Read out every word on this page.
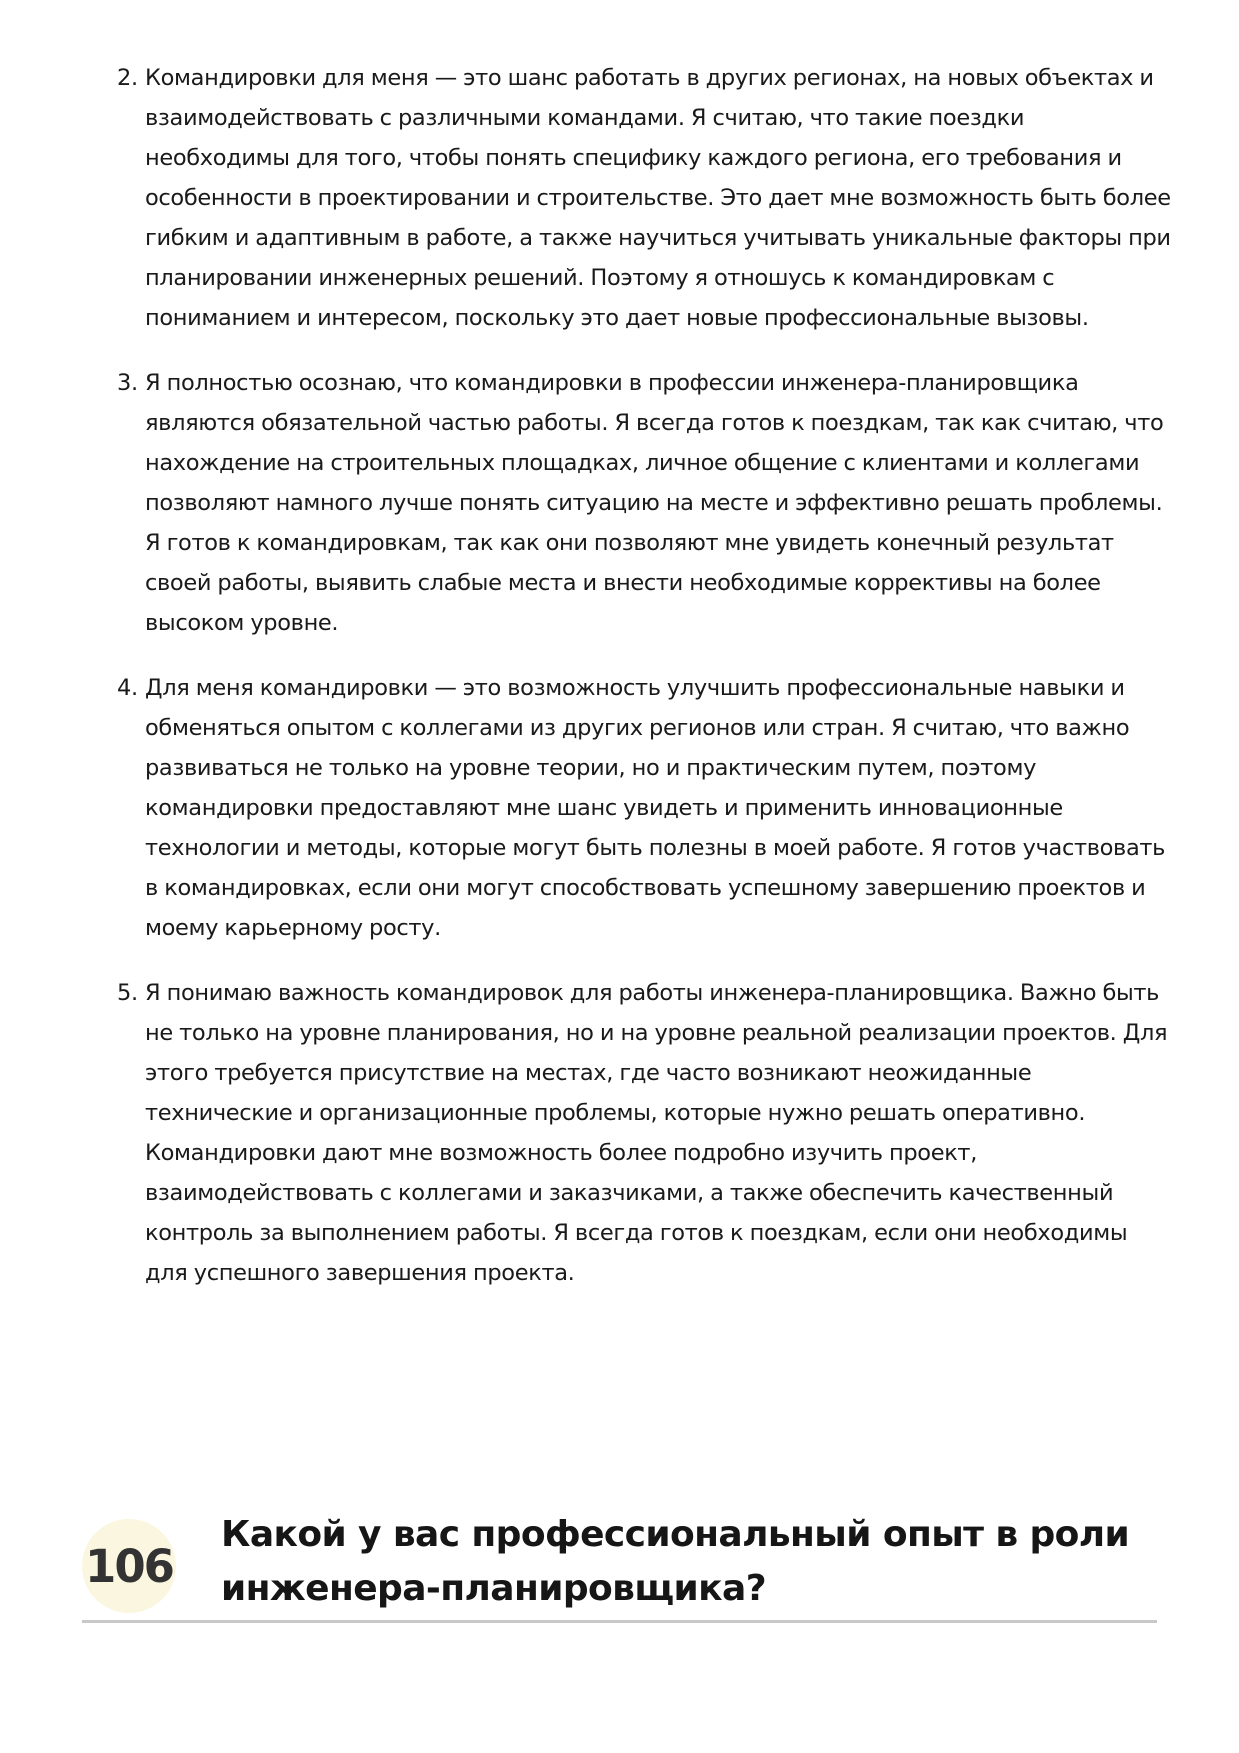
2. Командировки для меня — это шанс работать в других регионах, на новых объектах и взаимодействовать с различными командами. Я считаю, что такие поездки необходимы для того, чтобы понять специфику каждого региона, его требования и особенности в проектировании и строительстве. Это дает мне возможность быть более гибким и адаптивным в работе, а также научиться учитывать уникальные факторы при планировании инженерных решений. Поэтому я отношусь к командировкам с пониманием и интересом, поскольку это дает новые профессиональные вызовы.
3. Я полностью осознаю, что командировки в профессии инженера-планировщика являются обязательной частью работы. Я всегда готов к поездкам, так как считаю, что нахождение на строительных площадках, личное общение с клиентами и коллегами позволяют намного лучше понять ситуацию на месте и эффективно решать проблемы. Я готов к командировкам, так как они позволяют мне увидеть конечный результат своей работы, выявить слабые места и внести необходимые коррективы на более высоком уровне.
4. Для меня командировки — это возможность улучшить профессиональные навыки и обменяться опытом с коллегами из других регионов или стран. Я считаю, что важно развиваться не только на уровне теории, но и практическим путем, поэтому командировки предоставляют мне шанс увидеть и применить инновационные технологии и методы, которые могут быть полезны в моей работе. Я готов участвовать в командировках, если они могут способствовать успешному завершению проектов и моему карьерному росту.
5. Я понимаю важность командировок для работы инженера-планировщика. Важно быть не только на уровне планирования, но и на уровне реальной реализации проектов. Для этого требуется присутствие на местах, где часто возникают неожиданные технические и организационные проблемы, которые нужно решать оперативно. Командировки дают мне возможность более подробно изучить проект, взаимодействовать с коллегами и заказчиками, а также обеспечить качественный контроль за выполнением работы. Я всегда готов к поездкам, если они необходимы для успешного завершения проекта.
106
Какой у вас профессиональный опыт в роли инженера-планировщика?
